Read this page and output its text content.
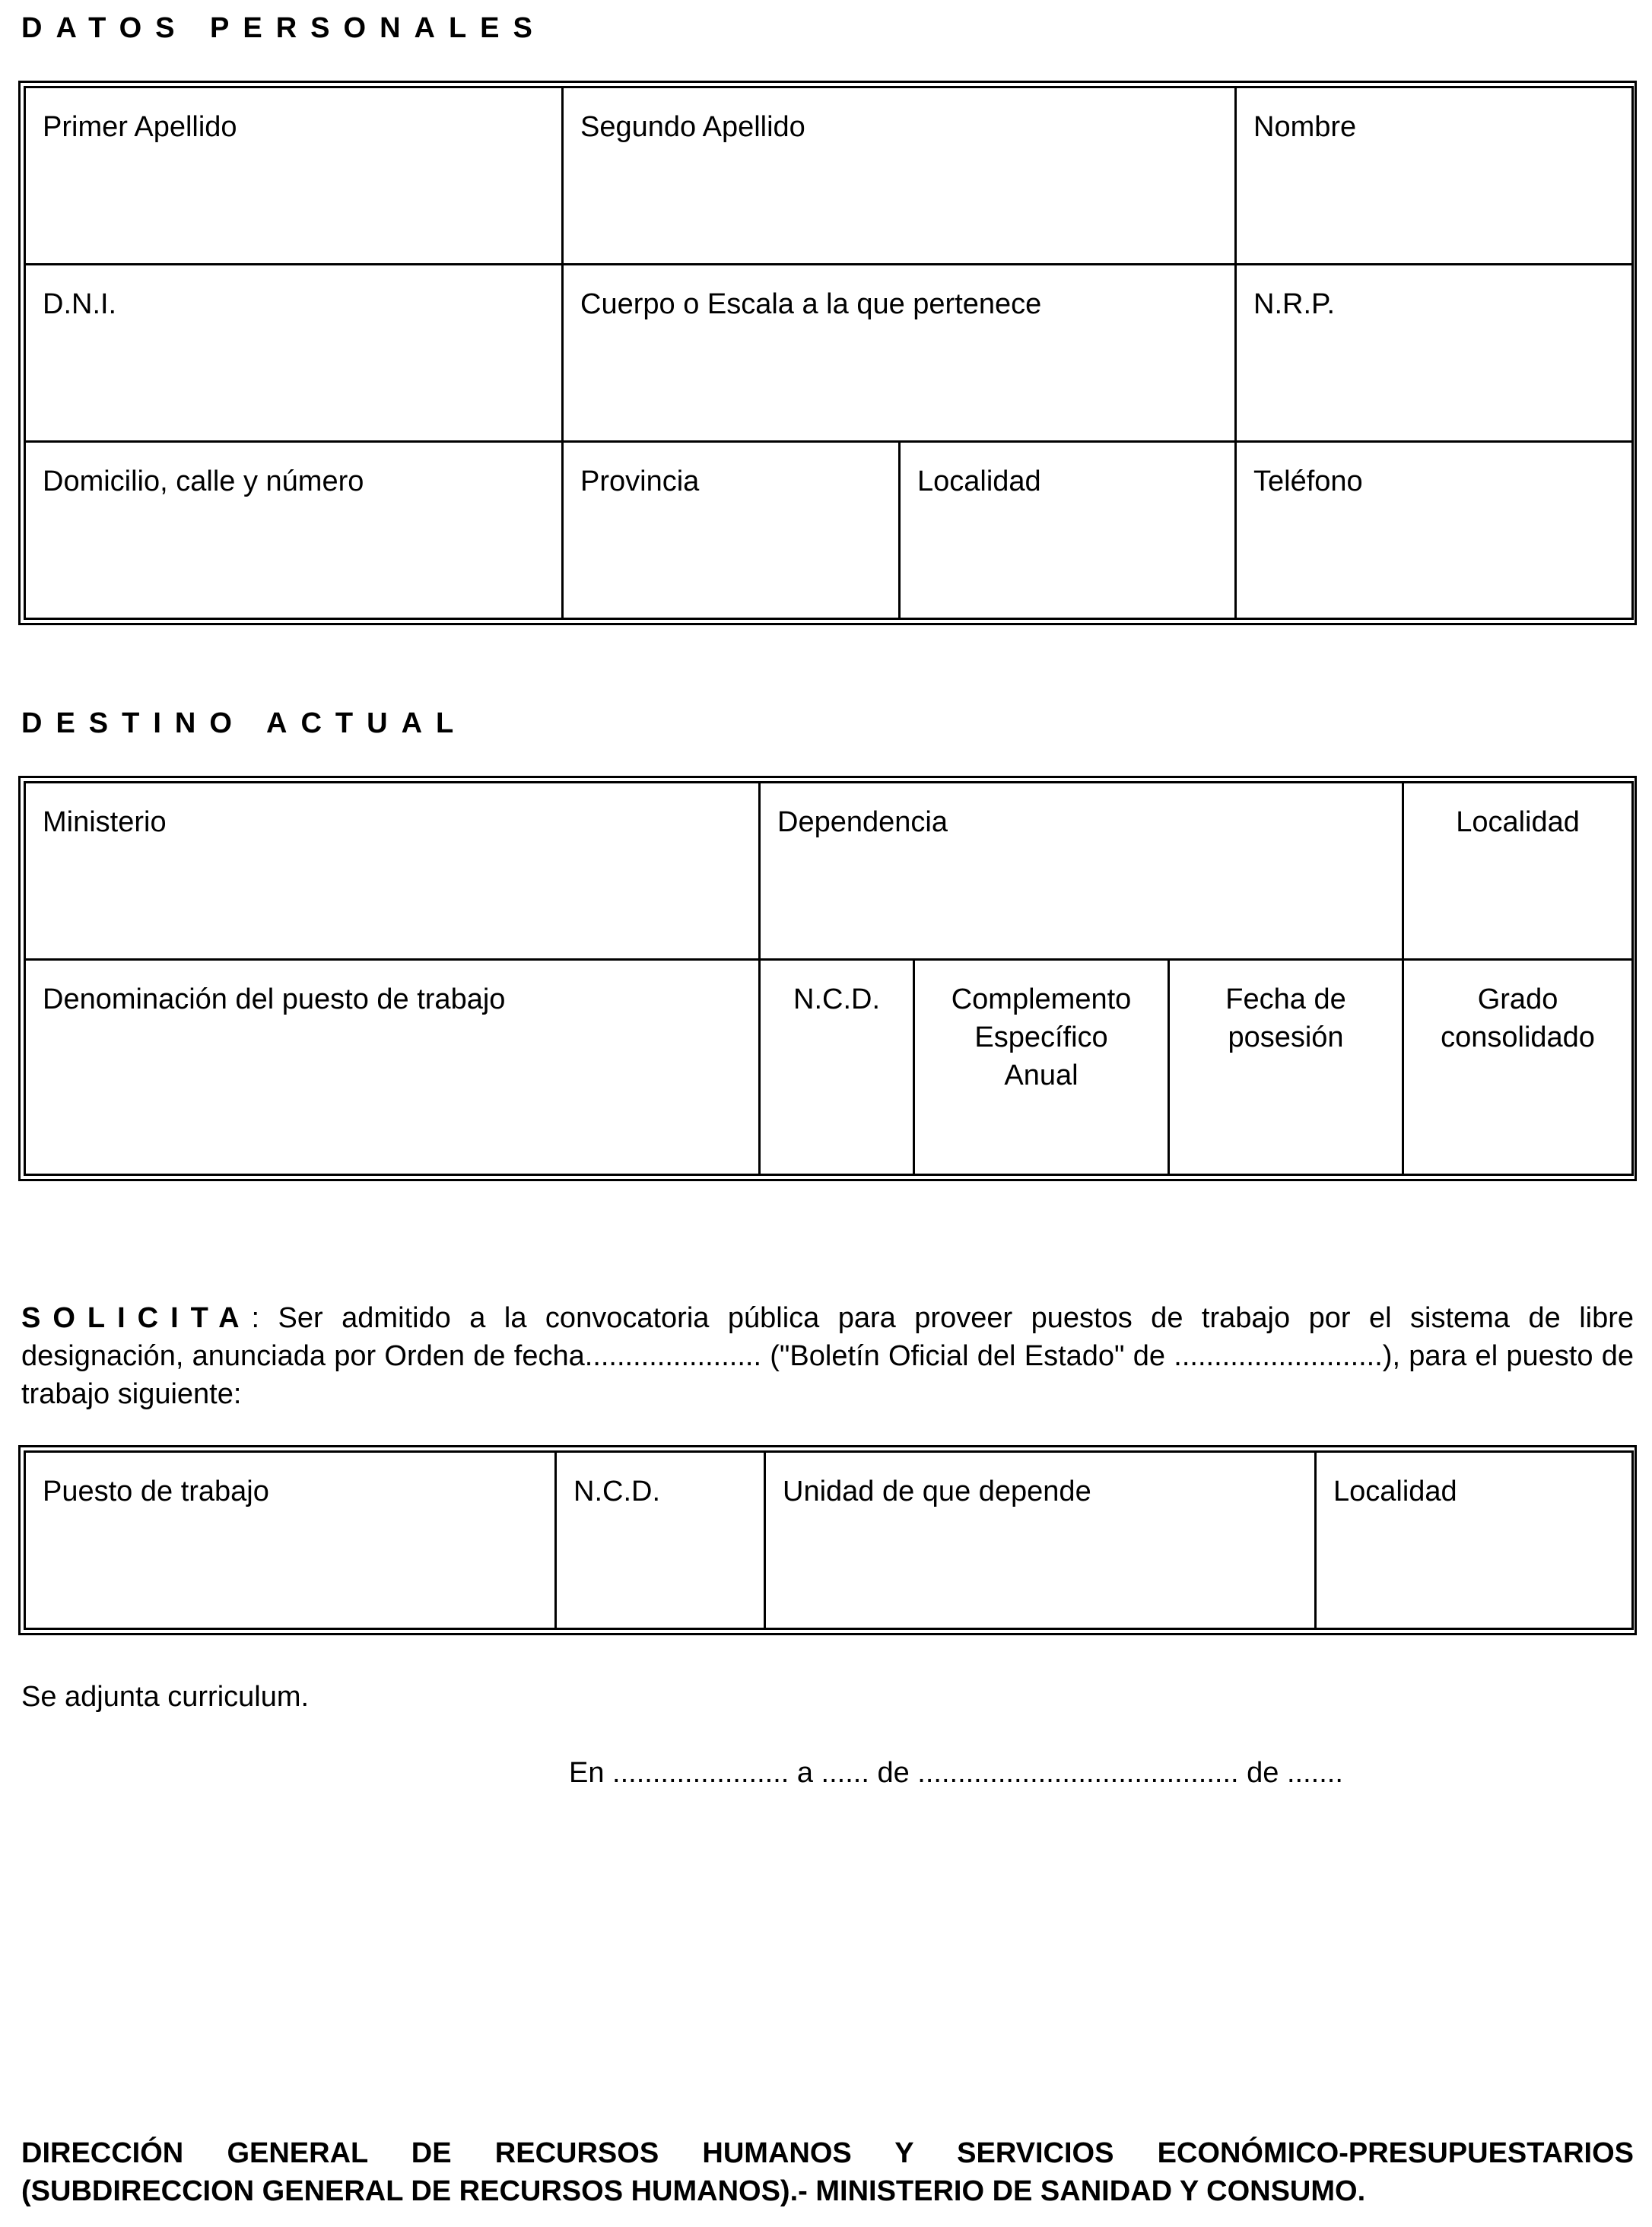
DATOS PERSONALES
Primer Apellido	Segundo Apellido		Nombre
D.N.I.	Cuerpo o Escala a la que pertenece		N.R.P.
Domicilio, calle y número	Provincia	Localidad	Teléfono
DESTINO ACTUAL
Ministerio	Dependencia			Localidad
Denominación del puesto de trabajo	N.C.D.	Complemento Específico Anual	Fecha de posesión	Grado consolidado

SOLICITA: Ser admitido a la convocatoria pública para proveer puestos de trabajo por el sistema de libre designación, anunciada por Orden de fecha...................... ("Boletín Oficial del Estado" de ..........................), para el puesto de trabajo siguiente:

Puesto de trabajo	N.C.D.	Unidad de que depende	Localidad

Se adjunta curriculum.

En ...................... a ...... de ........................................ de .......

DIRECCIÓN GENERAL DE RECURSOS HUMANOS Y SERVICIOS ECONÓMICO-PRESUPUESTARIOS
(SUBDIRECCION GENERAL DE RECURSOS HUMANOS).- MINISTERIO DE SANIDAD Y CONSUMO.
